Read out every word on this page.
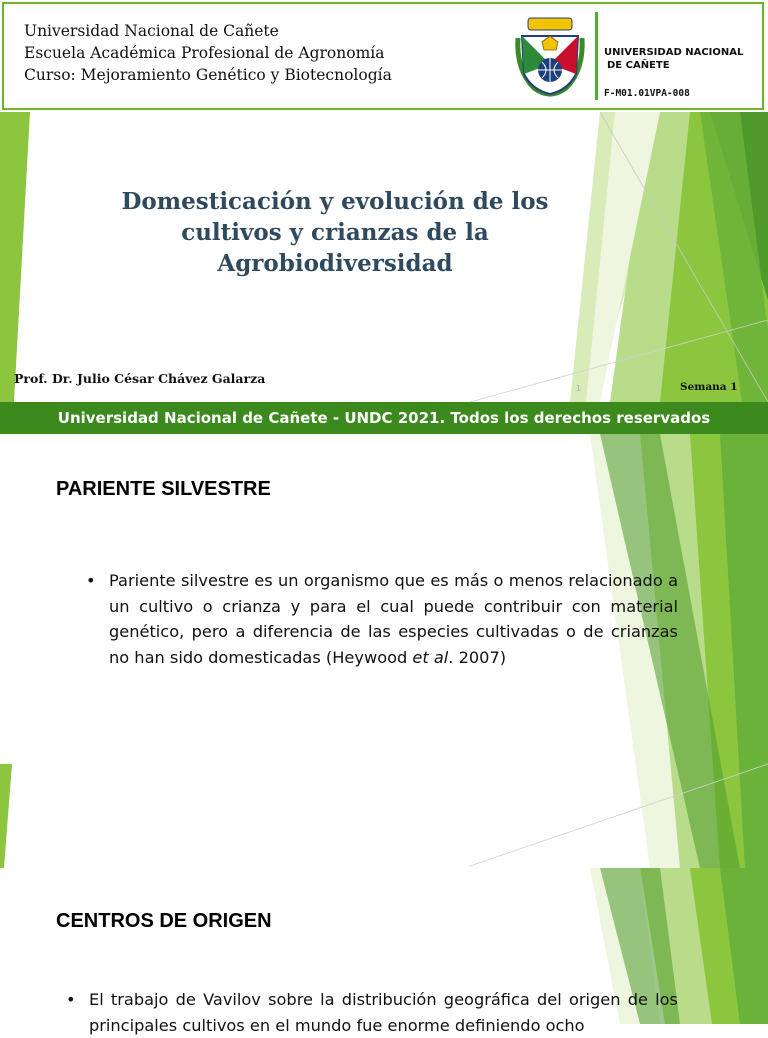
Universidad Nacional de Cañete
Escuela Académica Profesional de Agronomía
Curso: Mejoramiento Genético y Biotecnología
UNIVERSIDAD NACIONAL
DE CAÑETE
F-M01.01VPA-008
Domesticación y evolución de los
cultivos y crianzas de la
Agrobiodiversidad
Prof. Dr. Julio César Chávez Galarza
1	Semana 1
Universidad Nacional de Cañete - UNDC 2021. Todos los derechos reservados
PARIENTE SILVESTRE
• Pariente silvestre es un organismo que es más o menos relacionado a un cultivo o crianza y para el cual puede contribuir con material genético, pero a diferencia de las especies cultivadas o de crianzas no han sido domesticadas (Heywood et al. 2007)
CENTROS DE ORIGEN
• El trabajo de Vavilov sobre la distribución geográfica del origen de los principales cultivos en el mundo fue enorme definiendo ocho
